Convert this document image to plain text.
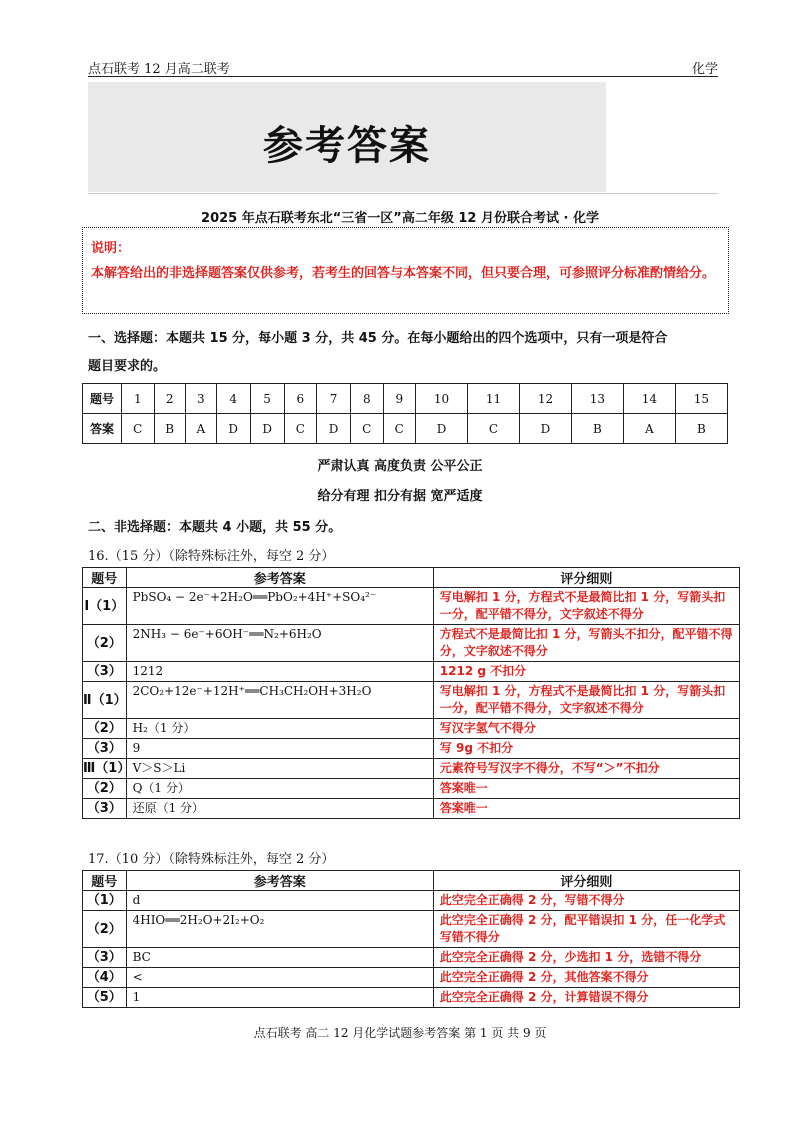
点石联考 12 月高二联考	化学
参考答案
2025 年点石联考东北“三省一区”高二年级 12 月份联合考试 · 化学
说明：
本解答给出的非选择题答案仅供参考，若考生的回答与本答案不同，但只要合理，可参照评分标准酌情给分。
一、选择题：本题共 15 分，每小题 3 分，共 45 分。在每小题给出的四个选项中，只有一项是符合
题目要求的。
题号	1	2	3	4	5	6	7	8	9	10	11	12	13	14	15
答案	C	B	A	D	D	C	D	C	C	D	C	D	B	A	B
严肃认真 高度负责 公平公正
给分有理 扣分有据 宽严适度
二、非选择题：本题共 4 小题，共 55 分。
16.（15 分）（除特殊标注外，每空 2 分）
题号	参考答案	评分细则
Ⅰ（1）	PbSO₄ − 2e⁻+2H₂O══PbO₂+4H⁺+SO₄²⁻	写电解扣 1 分，方程式不是最简比扣 1 分，写箭头扣一分，配平错不得分，文字叙述不得分
（2）	2NH₃ − 6e⁻+6OH⁻══N₂+6H₂O	方程式不是最简比扣 1 分，写箭头不扣分，配平错不得分，文字叙述不得分
（3）	1212	1212 g 不扣分
Ⅱ（1）	2CO₂+12e⁻+12H⁺══CH₃CH₂OH+3H₂O	写电解扣 1 分，方程式不是最简比扣 1 分，写箭头扣一分，配平错不得分，文字叙述不得分
（2）	H₂（1 分）	写汉字氢气不得分
（3）	9	写 9g 不扣分
Ⅲ（1）	V＞S＞Li	元素符号写汉字不得分，不写“＞”不扣分
（2）	Q（1 分）	答案唯一
（3）	还原（1 分）	答案唯一
17.（10 分）（除特殊标注外，每空 2 分）
题号	参考答案	评分细则
（1）	d	此空完全正确得 2 分，写错不得分
（2）	4HIO══2H₂O+2I₂+O₂	此空完全正确得 2 分，配平错误扣 1 分，任一化学式写错不得分
（3）	BC	此空完全正确得 2 分，少选扣 1 分，选错不得分
（4）	<	此空完全正确得 2 分，其他答案不得分
（5）	1	此空完全正确得 2 分，计算错误不得分
点石联考 高二 12 月化学试题参考答案 第 1 页 共 9 页
